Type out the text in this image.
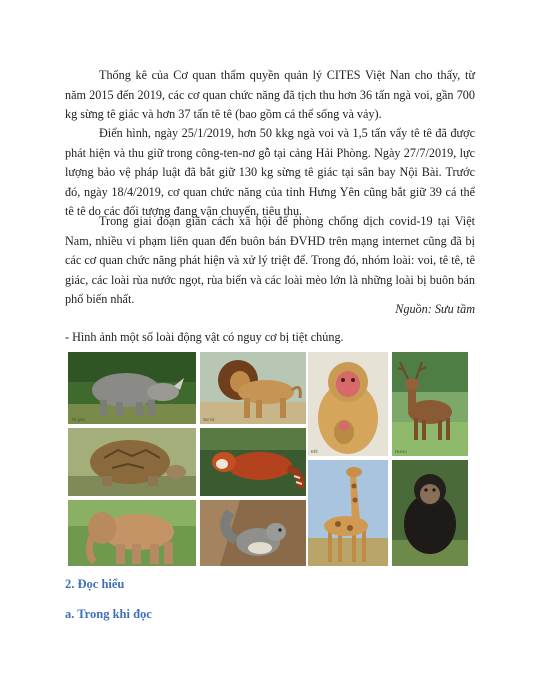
Thống kê của Cơ quan thẩm quyền quản lý CITES Việt Nan cho thấy, từ năm 2015 đến 2019, các cơ quan chức năng đã tịch thu hơn 36 tấn ngà voi, gần 700 kg sừng tê giác và hơn 37 tấn tê tê (bao gồm cá thể sống và vảy).

Điển hình, ngày 25/1/2019, hơn 50 kkg ngà voi và 1,5 tấn vẩy tê tê đã được phát hiện và thu giữ trong công-ten-nơ gỗ tại cảng Hải Phòng. Ngày 27/7/2019, lực lượng bảo vệ pháp luật đã bắt giữ 130 kg sừng tê giác tại sân bay Nội Bài. Trước đó, ngày 18/4/2019, cơ quan chức năng của tỉnh Hưng Yên cũng bắt giữ 39 cá thể tê tê do các đối tượng đang vận chuyển, tiêu thụ.

Trong giai đoạn giãn cách xã hội để phòng chống dịch covid-19 tại Việt Nam, nhiều vi phạm liên quan đến buôn bán ĐVHD trên mạng internet cũng đã bị các cơ quan chức năng phát hiện và xử lý triệt để. Trong đó, nhóm loài: voi, tê tê, tê giác, các loài rùa nước ngọt, rùa biển và các loài mèo lớn là những loài bị buôn bán phổ biến nhất.

Nguồn: Sưu tầm

- Hình ảnh một số loài động vật có nguy cơ bị tiệt chủng.

Tê giác	Sư tử
Khỉ	Hươu

2. Đọc hiểu

a. Trong khi đọc
